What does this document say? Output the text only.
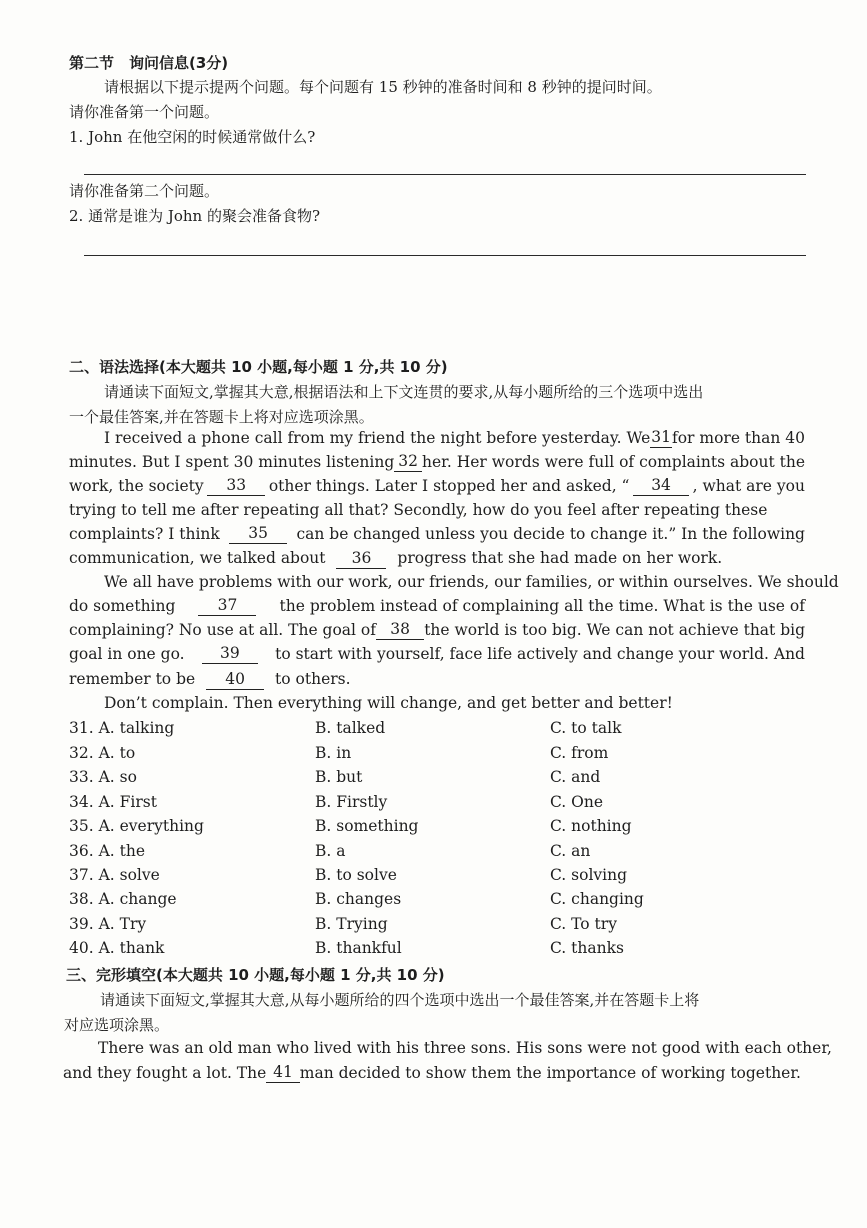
第二节　询问信息(3分)
请根据以下提示提两个问题。每个问题有 15 秒钟的准备时间和 8 秒钟的提问时间。
请你准备第一个问题。
1. John 在他空闲的时候通常做什么?
请你准备第二个问题。
2. 通常是谁为 John 的聚会准备食物?
二、语法选择(本大题共 10 小题,每小题 1 分,共 10 分)
请通读下面短文,掌握其大意,根据语法和上下文连贯的要求,从每小题所给的三个选项中选出
一个最佳答案,并在答题卡上将对应选项涂黑。
I received a phone call from my friend the night before yesterday. We 31 for more than 40
minutes. But I spent 30 minutes listening 32 her. Her words were full of complaints about the
work, the society	33	other things. Later I stopped her and asked, “	34	, what are you
trying to tell me after repeating all that? Secondly, how do you feel after repeating these
complaints? I think	35	can be changed unless you decide to change it.” In the following
communication, we talked about 36 progress that she had made on her work.
We all have problems with our work, our friends, our families, or within ourselves. We should
do something	37	the problem instead of complaining all the time. What is the use of
complaining? No use at all. The goal of 38 the world is too big. We can not achieve that big
goal in one go.	39	to start with yourself, face life actively and change your world. And
remember to be 40 to others.
Don’t complain. Then everything will change, and get better and better!
31. A. talking	B. talked	C. to talk
32. A. to	B. in	C. from
33. A. so	B. but	C. and
34. A. First	B. Firstly	C. One
35. A. everything	B. something	C. nothing
36. A. the	B. a	C. an
37. A. solve	B. to solve	C. solving
38. A. change	B. changes	C. changing
39. A. Try	B. Trying	C. To try
40. A. thank	B. thankful	C. thanks
三、完形填空(本大题共 10 小题,每小题 1 分,共 10 分)
请通读下面短文,掌握其大意,从每小题所给的四个选项中选出一个最佳答案,并在答题卡上将
对应选项涂黑。
There was an old man who lived with his three sons. His sons were not good with each other,
and they fought a lot. The 41 man decided to show them the importance of working together.
